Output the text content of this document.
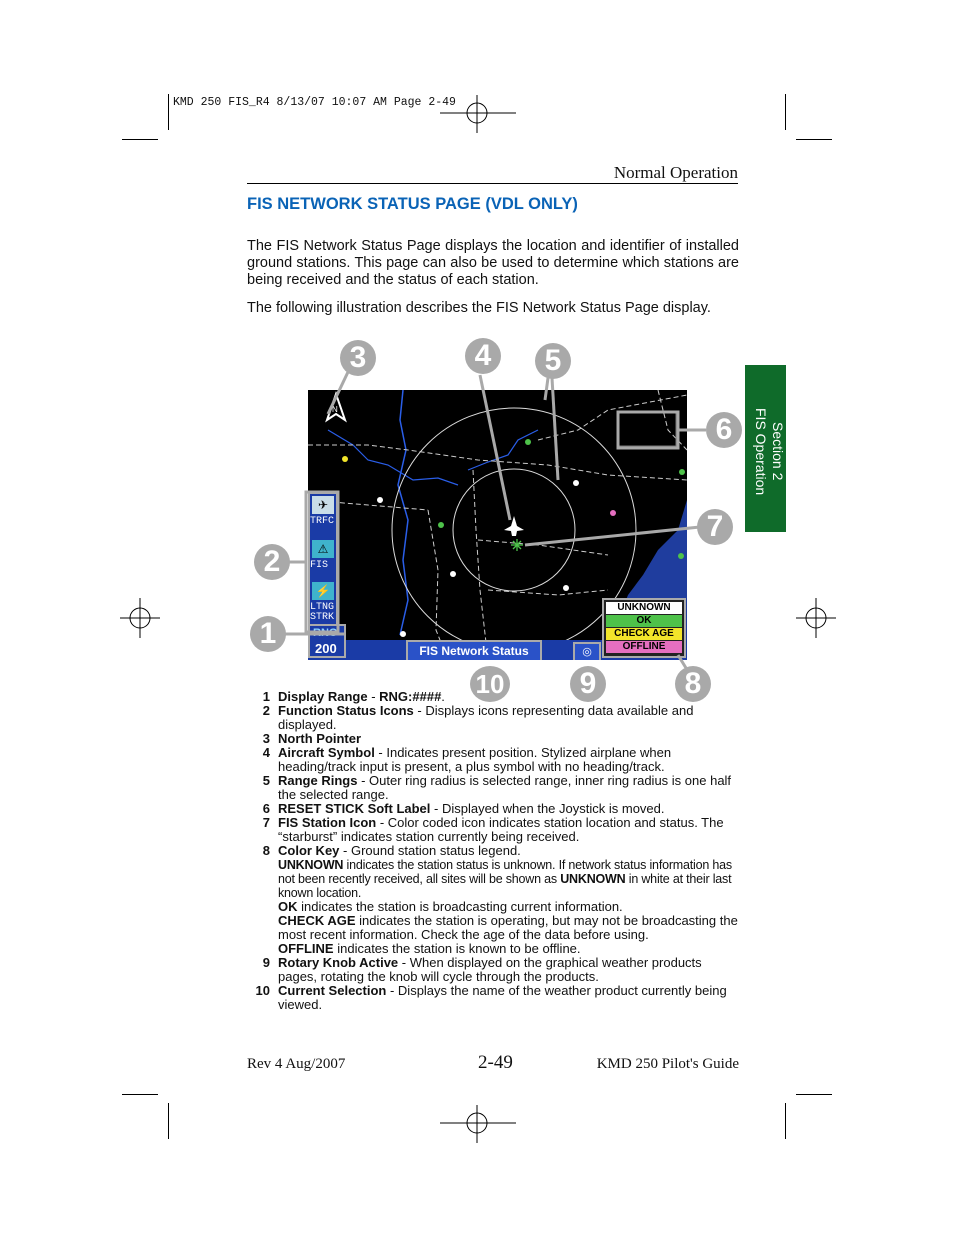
KMD 250 FIS_R4 8/13/07 10:07 AM Page 2-49
Normal Operation
FIS NETWORK STATUS PAGE (VDL ONLY)
The FIS Network Status Page displays the location and identifier of installed ground stations. This page can also be used to determine which stations are being received and the status of each station.
The following illustration describes the FIS Network Status Page display.
Section 2
FIS Operation
N
FIS Network Status	◎
✈
TRFC
⚠
FIS
⚡
LTNG
STRK
RNG
200
UNKNOWN
OK
CHECK AGE
OFFLINE
1
2
3	4	5
6
7
8
9
10
1 Display Range - RNG:####.
2 Function Status Icons - Displays icons representing data available and displayed.
3 North Pointer
4 Aircraft Symbol - Indicates present position. Stylized airplane when heading/track input is present, a plus symbol with no heading/track.
5 Range Rings - Outer ring radius is selected range, inner ring radius is one half the selected range.
6 RESET STICK Soft Label - Displayed when the Joystick is moved.
7 FIS Station Icon - Color coded icon indicates station location and status. The “starburst” indicates station currently being received.
8 Color Key - Ground station status legend.
UNKNOWN indicates the station status is unknown. If network status information has not been recently received, all sites will be shown as UNKNOWN in white at their last known location.
OK indicates the station is broadcasting current information.
CHECK AGE indicates the station is operating, but may not be broadcasting the most recent information. Check the age of the data before using.
OFFLINE indicates the station is known to be offline.
9 Rotary Knob Active - When displayed on the graphical weather products pages, rotating the knob will cycle through the products.
10 Current Selection - Displays the name of the weather product currently being viewed.
Rev 4 Aug/2007	2-49	KMD 250 Pilot's Guide
